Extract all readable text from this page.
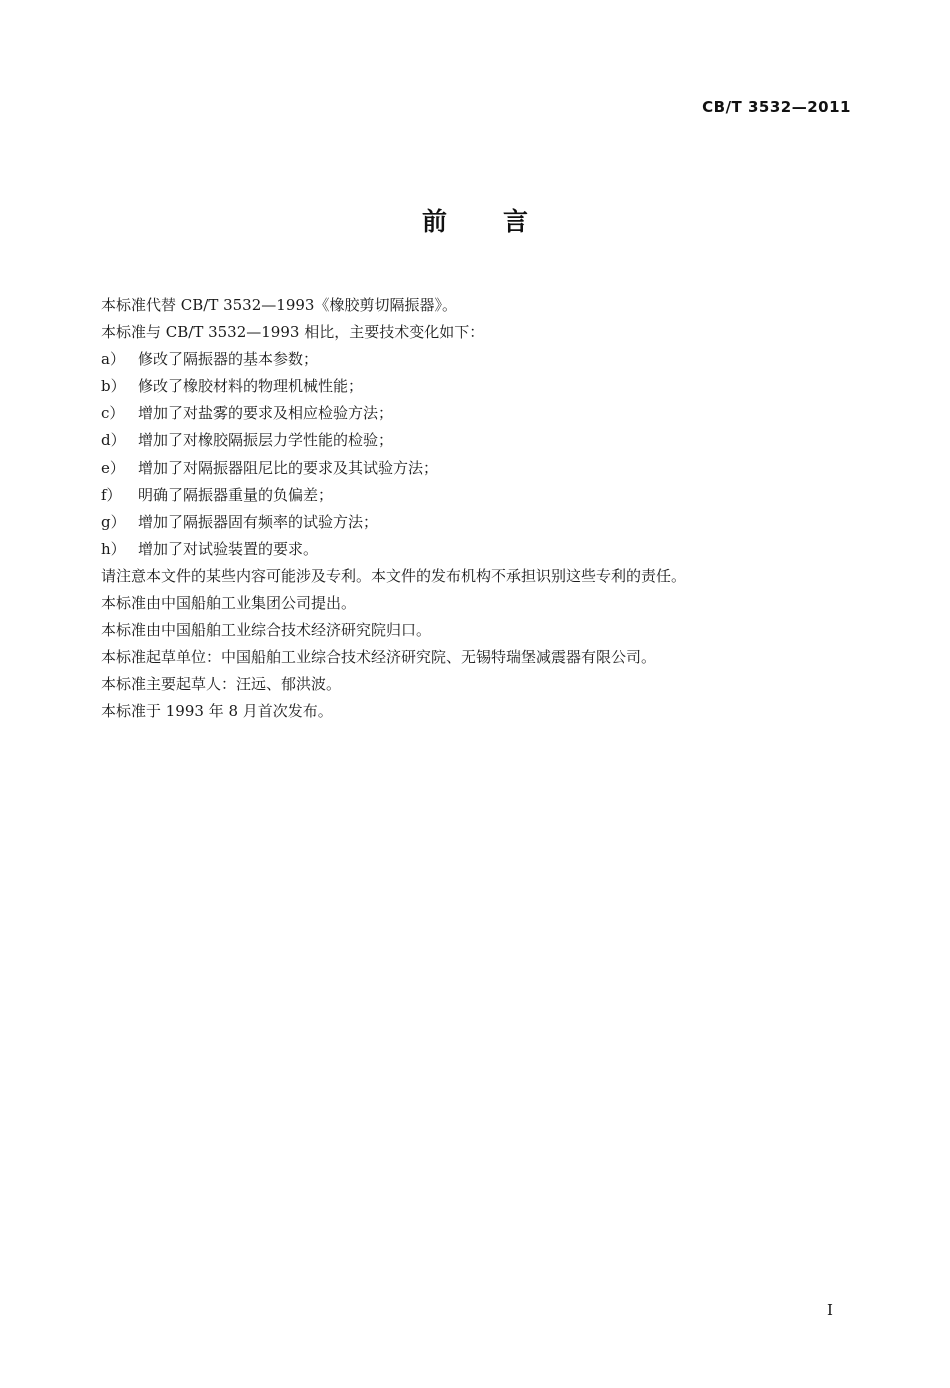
CB/T 3532—2011
前 言
本标准代替 CB/T 3532—1993《橡胶剪切隔振器》。
本标准与 CB/T 3532—1993 相比，主要技术变化如下：
a） 修改了隔振器的基本参数；
b） 修改了橡胶材料的物理机械性能；
c） 增加了对盐雾的要求及相应检验方法；
d） 增加了对橡胶隔振层力学性能的检验；
e） 增加了对隔振器阻尼比的要求及其试验方法；
f） 明确了隔振器重量的负偏差；
g） 增加了隔振器固有频率的试验方法；
h） 增加了对试验装置的要求。
请注意本文件的某些内容可能涉及专利。本文件的发布机构不承担识别这些专利的责任。
本标准由中国船舶工业集团公司提出。
本标准由中国船舶工业综合技术经济研究院归口。
本标准起草单位：中国船舶工业综合技术经济研究院、无锡特瑞堡减震器有限公司。
本标准主要起草人：汪远、郁洪波。
本标准于 1993 年 8 月首次发布。
I
